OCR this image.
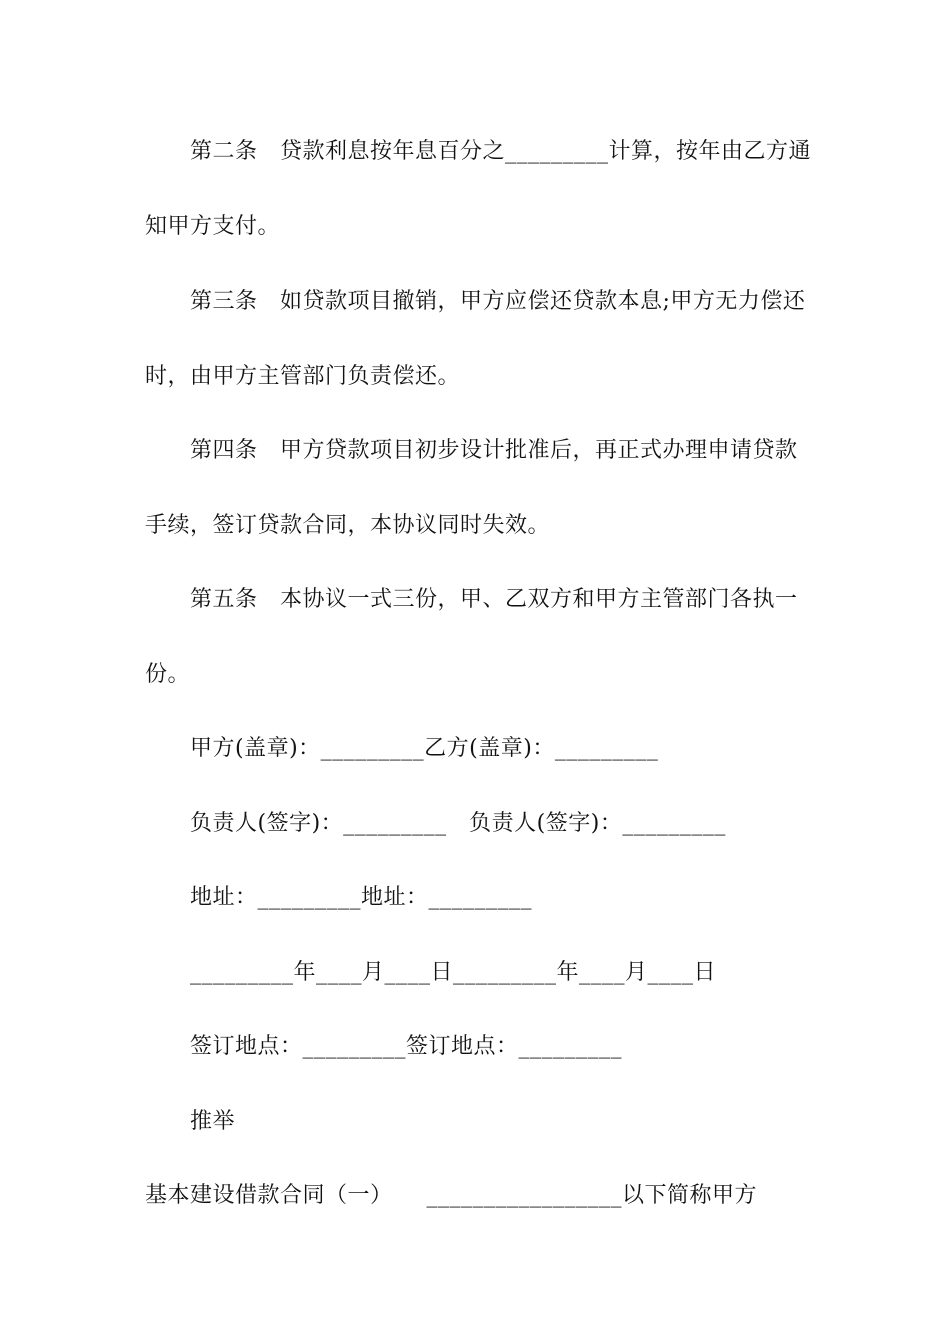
第二条　贷款利息按年息百分之_________计算，按年由乙方通
知甲方支付。
第三条　如贷款项目撤销，甲方应偿还贷款本息;甲方无力偿还
时，由甲方主管部门负责偿还。
第四条　甲方贷款项目初步设计批准后，再正式办理申请贷款
手续，签订贷款合同，本协议同时失效。
第五条　本协议一式三份，甲、乙双方和甲方主管部门各执一
份。
甲方(盖章)：_________乙方(盖章)：_________
负责人(签字)：_________　负责人(签字)：_________
地址：_________地址：_________
_________年____月____日_________年____月____日
签订地点：_________签订地点：_________
推举
基本建设借款合同（一）　　_________________以下简称甲方
